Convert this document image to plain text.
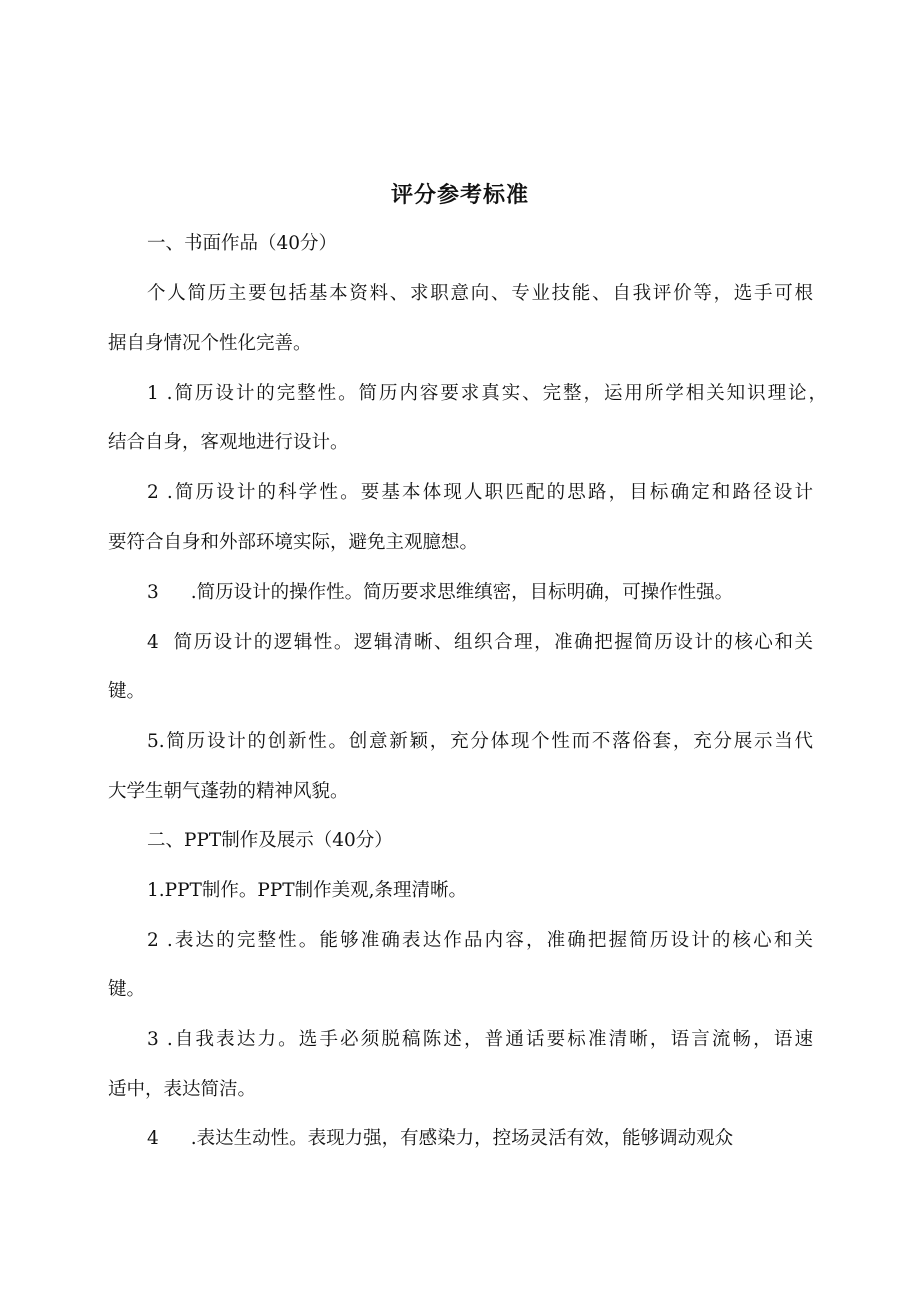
评分参考标准
一、书面作品（40分）
个人简历主要包括基本资料、求职意向、专业技能、自我评价等，选手可根
据自身情况个性化完善。
1 .简历设计的完整性。简历内容要求真实、完整，运用所学相关知识理论，
结合自身，客观地进行设计。
2 .简历设计的科学性。要基本体现人职匹配的思路，目标确定和路径设计
要符合自身和外部环境实际，避免主观臆想。
3 .简历设计的操作性。简历要求思维缜密，目标明确，可操作性强。
4 简历设计的逻辑性。逻辑清晰、组织合理，准确把握简历设计的核心和关
键。
5.简历设计的创新性。创意新颖，充分体现个性而不落俗套，充分展示当代
大学生朝气蓬勃的精神风貌。
二、PPT制作及展示（40分）
1.PPT制作。PPT制作美观,条理清晰。
2 .表达的完整性。能够准确表达作品内容，准确把握简历设计的核心和关
键。
3 .自我表达力。选手必须脱稿陈述，普通话要标准清晰，语言流畅，语速
适中，表达简洁。
4 .表达生动性。表现力强，有感染力，控场灵活有效，能够调动观众
